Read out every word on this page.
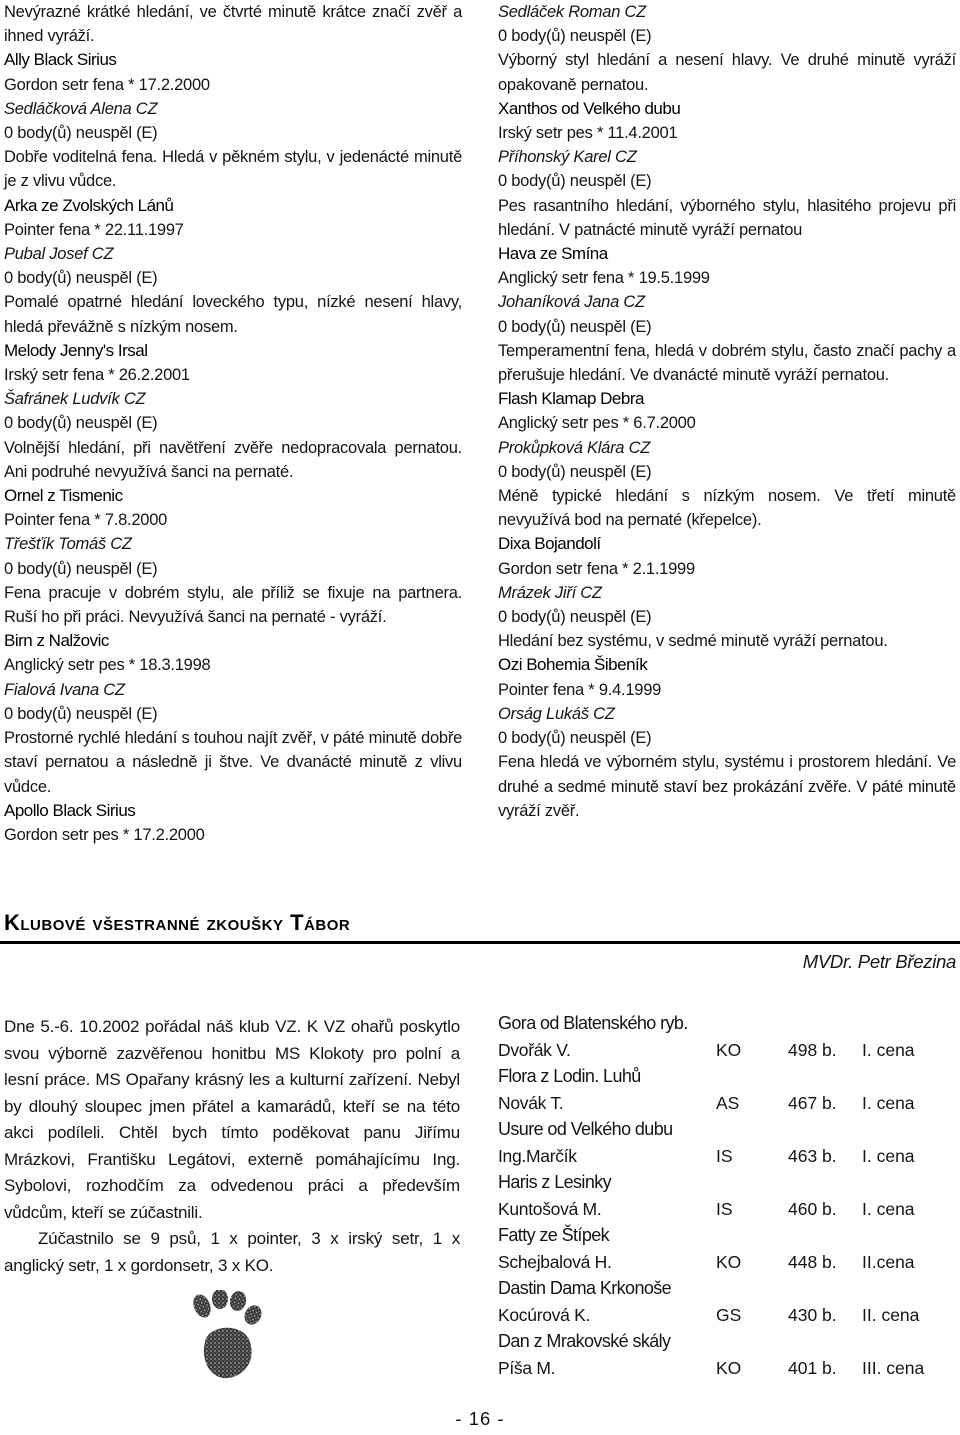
Nevýrazné krátké hledání, ve čtvrté minutě krátce značí zvěř a ihned vyráží.

Ally Black Sirius

Gordon setr fena * 17.2.2000

Sedláčková Alena CZ

0 body(ů) neuspěl (E)

Dobře voditelná fena. Hledá v pěkném stylu, v jedenácté minutě je z vlivu vůdce.

Arka ze Zvolských Lánů

Pointer fena * 22.11.1997

Pubal Josef CZ

0 body(ů) neuspěl (E)

Pomalé opatrné hledání loveckého typu, nízké nesení hlavy, hledá převážně s nízkým nosem.

Melody Jenny's Irsal

Irský setr fena * 26.2.2001

Šafránek Ludvík CZ

0 body(ů) neuspěl (E)

Volnější hledání, při navětření zvěře nedopracovala pernatou. Ani podruhé nevyužívá šanci na pernaté.

Ornel z Tismenic

Pointer fena * 7.8.2000

Třešťík Tomáš CZ

0 body(ů) neuspěl (E)

Fena pracuje v dobrém stylu, ale příliž se fixuje na partnera. Ruší ho při práci. Nevyužívá šanci na pernaté - vyráží.

Birn z Nalžovic

Anglický setr pes * 18.3.1998

Fialová Ivana CZ

0 body(ů) neuspěl (E)

Prostorné rychlé hledání s touhou najít zvěř, v páté minutě dobře staví pernatou a následně ji štve. Ve dvanácté minutě z vlivu vůdce.

Apollo Black Sirius

Gordon setr pes * 17.2.2000

Sedláček Roman CZ

0 body(ů) neuspěl (E)

Výborný styl hledání a nesení hlavy. Ve druhé minutě vyráží opakovaně pernatou.

Xanthos od Velkého dubu

Irský setr pes * 11.4.2001

Příhonský Karel CZ

0 body(ů) neuspěl (E)

Pes rasantního hledání, výborného stylu, hlasitého projevu při hledání. V patnácté minutě vyráží pernatou

Hava ze Smína

Anglický setr fena * 19.5.1999

Johaníková Jana CZ

0 body(ů) neuspěl (E)

Temperamentní fena, hledá v dobrém stylu, často značí pachy a přerušuje hledání. Ve dvanácté minutě vyráží pernatou.

Flash Klamap Debra

Anglický setr pes * 6.7.2000

Prokůpková Klára CZ

0 body(ů) neuspěl (E)

Méně typické hledání s nízkým nosem. Ve třetí minutě nevyužívá bod na pernaté (křepelce).

Dixa Bojandolí

Gordon setr fena * 2.1.1999

Mrázek Jiří CZ

0 body(ů) neuspěl (E)

Hledání bez systému, v sedmé minutě vyráží pernatou.

Ozi Bohemia Šibeník

Pointer fena * 9.4.1999

Orság Lukáš CZ

0 body(ů) neuspěl (E)

Fena hledá ve výborném stylu, systému i prostorem hledání. Ve druhé a sedmé minutě staví bez prokázání zvěře. V páté minutě vyráží zvěř.

Klubové všestranné zkoušky Tábor
MVDr. Petr Březina

Dne 5.-6. 10.2002 pořádal náš klub VZ. K VZ ohařů poskytlo svou výborně zazvěřenou honitbu MS Klokoty pro polní a lesní práce. MS Opařany krásný les a kulturní zařízení. Nebyl by dlouhý sloupec jmen přátel a kamarádů, kteří se na této akci podíleli. Chtěl bych tímto poděkovat panu Jiřímu Mrázkovi, Františku Legátovi, externě pomáhajícímu Ing. Sybolovi, rozhodčím za odvedenou práci a především vůdcům, kteří se zúčastnili.
Zúčastnilo se 9 psů, 1 x pointer, 3 x irský setr, 1 x anglický setr, 1 x gordonsetr, 3 x KO.

Gora od Blatenského ryb.
Dvořák V.	KO	498 b. I. cena
Flora z Lodin. Luhů
Novák T.	AS	467 b. I. cena
Usure od Velkého dubu
Ing.Marčík	IS	463 b. I. cena
Haris z Lesinky
Kuntošová M.	IS	460 b. I. cena
Fatty ze Štípek
Schejbalová H.	KO	448 b. II.cena
Dastin Dama Krkonoše
Kocúrová K.	GS	430 b. II. cena
Dan z Mrakovské skály
Píša M.	KO	401 b. III. cena
- 16 -
